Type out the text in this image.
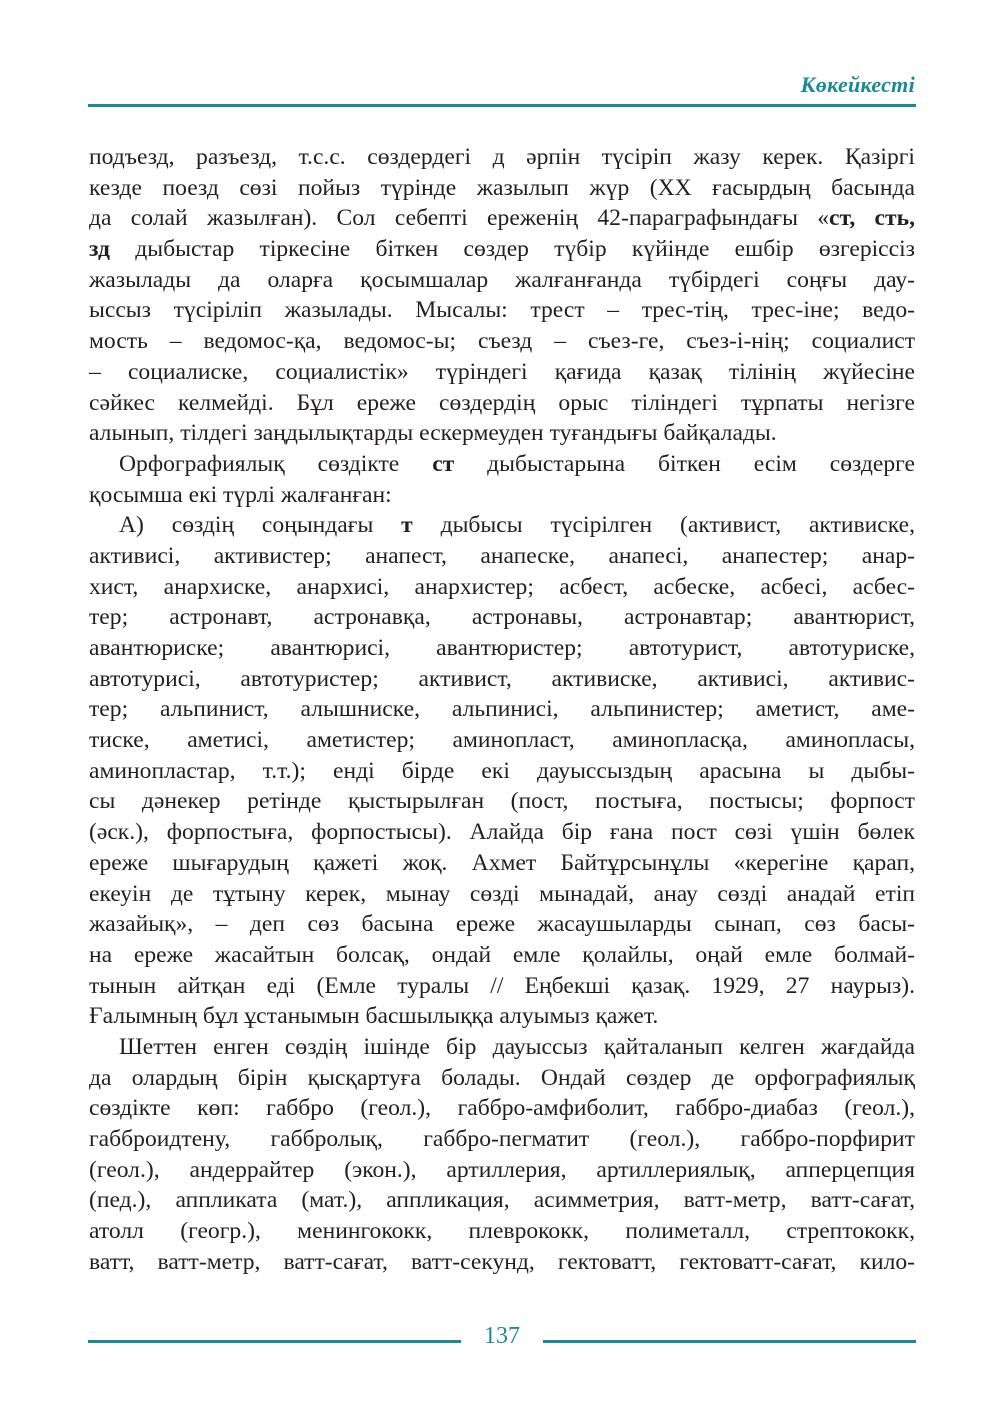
Көкейкесті
подъезд, разъезд, т.с.с. сөздердегі д әрпін түсіріп жазу керек. Қазіргі
кезде поезд сөзі пойыз түрінде жазылып жүр (ХХ ғасырдың басында
да солай жазылған). Сол себепті ереженің 42-параграфындағы «ст, сть,
зд дыбыстар тіркесіне біткен сөздер түбір күйінде ешбір өзгеріссіз
жазылады да оларға қосымшалар жалғанғанда түбірдегі соңғы дау-
ыссыз түсіріліп жазылады. Мысалы: трест – трес-тің, трес-іне; ведо-
мость – ведомос-қа, ведомос-ы; съезд – съез-ге, съез-і-нің; социалист
– социалиске, социалистік» түріндегі қағида қазақ тілінің жүйесіне
сәйкес келмейді. Бұл ереже сөздердің орыс тіліндегі тұрпаты негізге
алынып, тілдегі заңдылықтарды ескермеуден туғандығы байқалады.
Орфографиялық сөздікте ст дыбыстарына біткен есім сөздерге
қосымша екі түрлі жалғанған:
А) сөздің соңындағы т дыбысы түсірілген (активист, активиске,
активисі, активистер; анапест, анапеске, анапесі, анапестер; анар-
хист, анархиске, анархисі, анархистер; асбест, асбеске, асбесі, асбес-
тер; астронавт, астронавқа, астронавы, астронавтар; авантюрист,
авантюриске; авантюрисі, авантюристер; автотурист, автотуриске,
автотурисі, автотуристер; активист, активиске, активисі, активис-
тер; альпинист, алышниске, альпинисі, альпинистер; аметист, аме-
тиске, аметисі, аметистер; аминопласт, аминопласқа, аминопласы,
аминопластар, т.т.); енді бірде екі дауыссыздың арасына ы дыбы-
сы дәнекер ретінде қыстырылған (пост, постыға, постысы; форпост
(әск.), форпостыға, форпостысы). Алайда бір ғана пост сөзі үшін бөлек
ереже шығарудың қажеті жоқ. Ахмет Байтұрсынұлы «керегіне қарап,
екеуін де тұтыну керек, мынау сөзді мынадай, анау сөзді анадай етіп
жазайық», – деп сөз басына ереже жасаушыларды сынап, сөз басы-
на ереже жасайтын болсақ, ондай емле қолайлы, оңай емле болмай-
тынын айтқан еді (Емле туралы // Еңбекші қазақ. 1929, 27 наурыз).
Ғалымның бұл ұстанымын басшылыққа алуымыз қажет.
Шеттен енген сөздің ішінде бір дауыссыз қайталанып келген жағдайда
да олардың бірін қысқартуға болады. Ондай сөздер де орфографиялық
сөздікте көп: габбро (геол.), габбро-амфиболит, габбро-диабаз (геол.),
габброидтену, габбролық, габбро-пегматит (геол.), габбро-порфирит
(геол.), андеррайтер (экон.), артиллерия, артиллериялық, апперцепция
(пед.), аппликата (мат.), аппликация, асимметрия, ватт-метр, ватт-сағат,
атолл (геогр.), менингококк, плеврококк, полиметалл, стрептококк,
ватт, ватт-метр, ватт-сағат, ватт-секунд, гектоватт, гектоватт-сағат, кило-
137
